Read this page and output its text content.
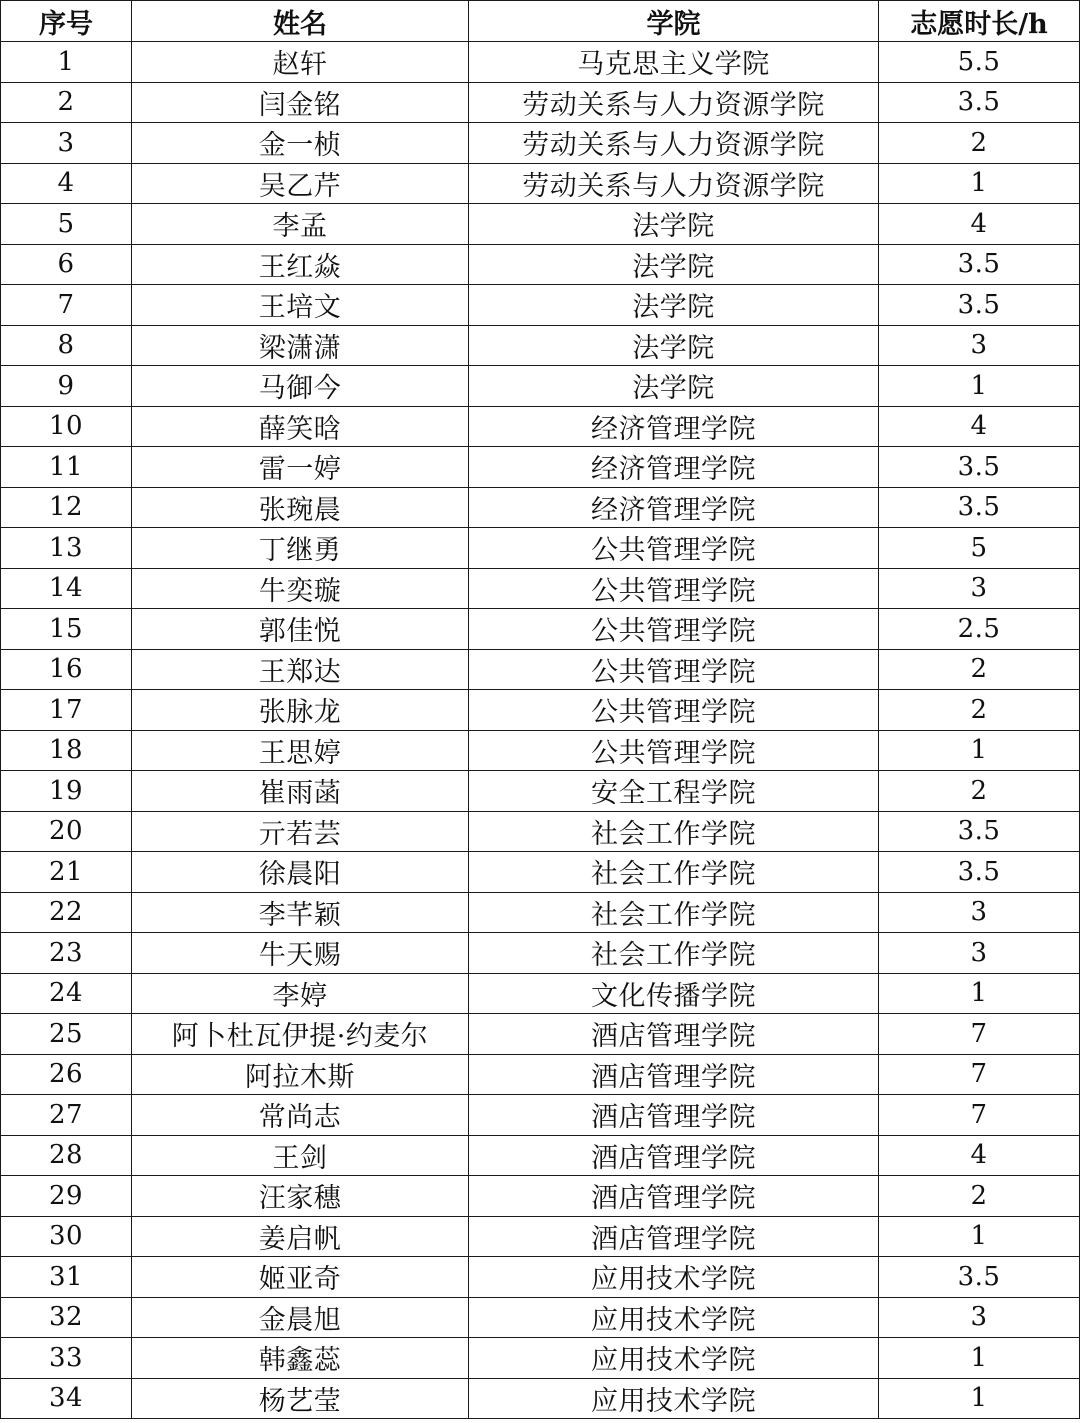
序号	姓名	学院	志愿时长/h
1	赵轩	马克思主义学院	5.5
2	闫金铭	劳动关系与人力资源学院	3.5
3	金一桢	劳动关系与人力资源学院	2
4	吴乙芹	劳动关系与人力资源学院	1
5	李孟	法学院	4
6	王红焱	法学院	3.5
7	王培文	法学院	3.5
8	梁潇潇	法学院	3
9	马御今	法学院	1
10	薛笑晗	经济管理学院	4
11	雷一婷	经济管理学院	3.5
12	张琬晨	经济管理学院	3.5
13	丁继勇	公共管理学院	5
14	牛奕璇	公共管理学院	3
15	郭佳悦	公共管理学院	2.5
16	王郑达	公共管理学院	2
17	张脉龙	公共管理学院	2
18	王思婷	公共管理学院	1
19	崔雨菡	安全工程学院	2
20	亓若芸	社会工作学院	3.5
21	徐晨阳	社会工作学院	3.5
22	李芊颖	社会工作学院	3
23	牛天赐	社会工作学院	3
24	李婷	文化传播学院	1
25	阿卜杜瓦伊提·约麦尔	酒店管理学院	7
26	阿拉木斯	酒店管理学院	7
27	常尚志	酒店管理学院	7
28	王剑	酒店管理学院	4
29	汪家穗	酒店管理学院	2
30	姜启帆	酒店管理学院	1
31	姬亚奇	应用技术学院	3.5
32	金晨旭	应用技术学院	3
33	韩鑫蕊	应用技术学院	1
34	杨艺莹	应用技术学院	1
